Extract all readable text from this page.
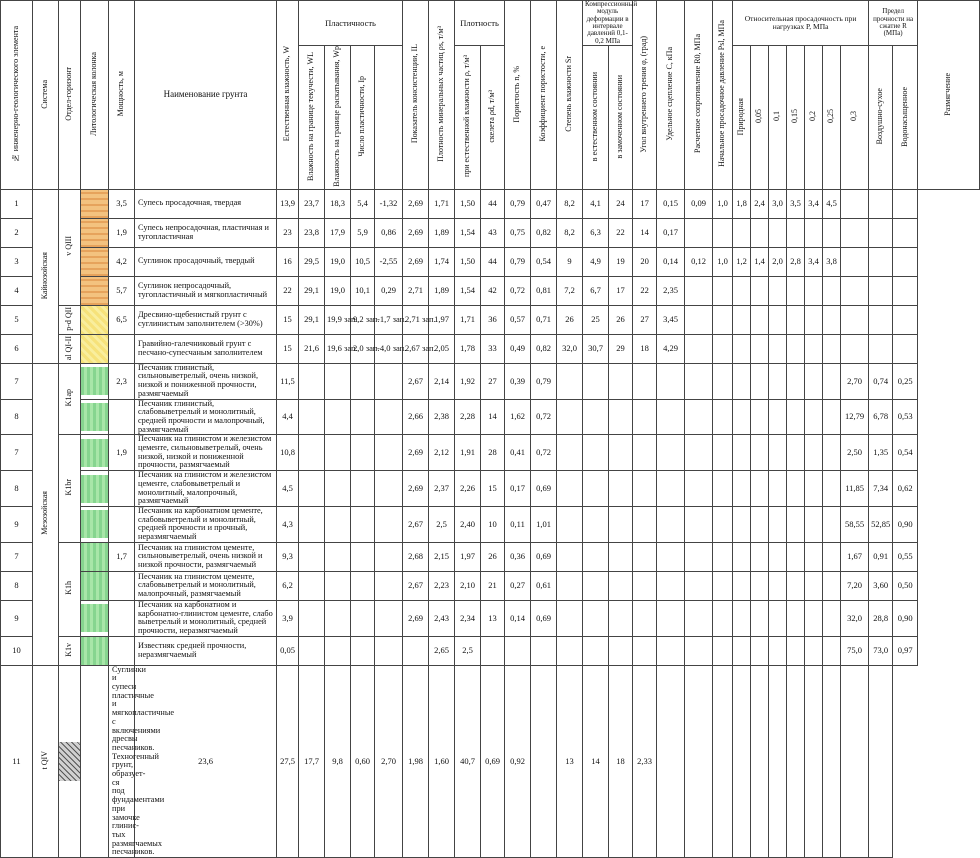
№ инженерно-геологического элемента	Система	Отдел-горизонт	Литологическая колонка	Мощность, м	Наименование грунта	Естественная влажность, W	Пластичность				Показатель консистенции, IL	Плотность минеральных частиц ρs, т/м³	Плотность		Пористость n, %	Коэффициент пористости, e	Степень влажности Sr	Компрессионный модуль деформации в интервале давлений 0,1-0,2 МПа		Угол внутреннего трения φ, (град)	Удельное сцепление С, кПа	Расчетное сопротивление R0, МПа	Начальное просадочное давление Psl, МПа	Относительная просадочность при нагрузках P, МПа							Предел прочности на сжатие R (МПа)		Размягчение
							Влажность на границе текучести, WL	Влажность на границе раскатывания, Wp	Число пластичности, Ip				при естественной влажности ρ, т/м³	скелета ρd, т/м³				в естественном состоянии	в замоченном состоянии					Природная	0,05	0,1	0,15	0,2	0,25	0,3	Воздушно-сухое	Водонасыщенное	
1	Кайнозойская	v QIII		3,5	Супесь просадочная, твердая	13,9	23,7	18,3	5,4	-1,32	2,69	1,71	1,50	44	0,79	0,47	8,2	4,1	24	17	0,15	0,09	1,0	1,8	2,4	3,0	3,5	3,4	4,5				
2				1,9	Супесь непросадочная, пластичная и тугопластичная	23	23,8	17,9	5,9	0,86	2,69	1,89	1,54	43	0,75	0,82	8,2	6,3	22	14	0,17												
3				4,2	Суглинок просадочный, твердый	16	29,5	19,0	10,5	-2,55	2,69	1,74	1,50	44	0,79	0,54	9	4,9	19	20	0,14	0,12	1,0	1,2	1,4	2,0	2,8	3,4	3,8				
4				5,7	Суглинок непросадочный, тугопластичный и мягкопластичный	22	29,1	19,0	10,1	0,29	2,71	1,89	1,54	42	0,72	0,81	7,2	6,7	17	22	2,35												
5		p-d QII		6,5	Дресвино-щебенистый грунт с суглинистым заполнителем (>30%)	15	29,1	19,9 зап.	9,2 зап.	-1,7 зап.	2,71 зап.	1,97	1,71	36	0,57	0,71	26	25	26	27	3,45												
6		al QI-II			Гравийно-галечниковый грунт с песчано-супесчаным заполнителем	15	21,6	19,6 зап.	2,0 зап.	-4,0 зап.	2,67 зап.	2,05	1,78	33	0,49	0,82	32,0	30,7	29	18	4,29												
7	Мезозойская	K1ap		2,3	Песчаник глинистый, сильновыветрелый, очень низкой, низкой и пониженной прочности, размягчаемый	11,5					2,67	2,14	1,92	27	0,39	0,79														2,70	0,74	0,25	
8					Песчаник глинистый, слабовыветрелый и монолитный, средней прочности и малопрочный, размягчаемый	4,4					2,66	2,38	2,28	14	1,62	0,72														12,79	6,78	0,53	
7		K1br		1,9	Песчаник на глинистом и железистом цементе, сильновыветрелый, очень низкой, низкой и пониженной прочности, размягчаемый	10,8					2,69	2,12	1,91	28	0,41	0,72														2,50	1,35	0,54	
8					Песчаник на глинистом и железистом цементе, слабовыветрелый и монолитный, малопрочный, размягчаемый	4,5					2,69	2,37	2,26	15	0,17	0,69														11,85	7,34	0,62	
9					Песчаник на карбонатном цементе, слабовыветрелый и монолитный, средней прочности и прочный, неразмягчаемый	4,3					2,67	2,5	2,40	10	0,11	1,01														58,55	52,85	0,90	
7		K1h		1,7	Песчаник на глинистом цементе, сильновыветрелый, очень низкой и низкой прочности, размягчаемый	9,3					2,68	2,15	1,97	26	0,36	0,69														1,67	0,91	0,55	
8					Песчаник на глинистом цементе, слабовыветрелый и монолитный, малопрочный, размягчаемый	6,2					2,67	2,23	2,10	21	0,27	0,61														7,20	3,60	0,50	
9					Песчаник на карбонатном и карбонатно-глинистом цементе, слабо выветрелый и монолитный, средней прочности, неразмягчаемый	3,9					2,69	2,43	2,34	13	0,14	0,69														32,0	28,8	0,90	
10		K1v			Известняк средней прочности, неразмягчаемый	0,05						2,65	2,5																	75,0	73,0	0,97	
11	t QIV			Суглинки и супеси пластичные и мягкопластичные с включениями дресвы песчаников. Техногенный грунт, образует-ся под фундаментами при замочке глинис-тых размягчаемых песчаников.	23,6	27,5	17,7	9,8	0,60	2,70	1,98	1,60	40,7	0,69	0,92		13	14	18	2,33													
